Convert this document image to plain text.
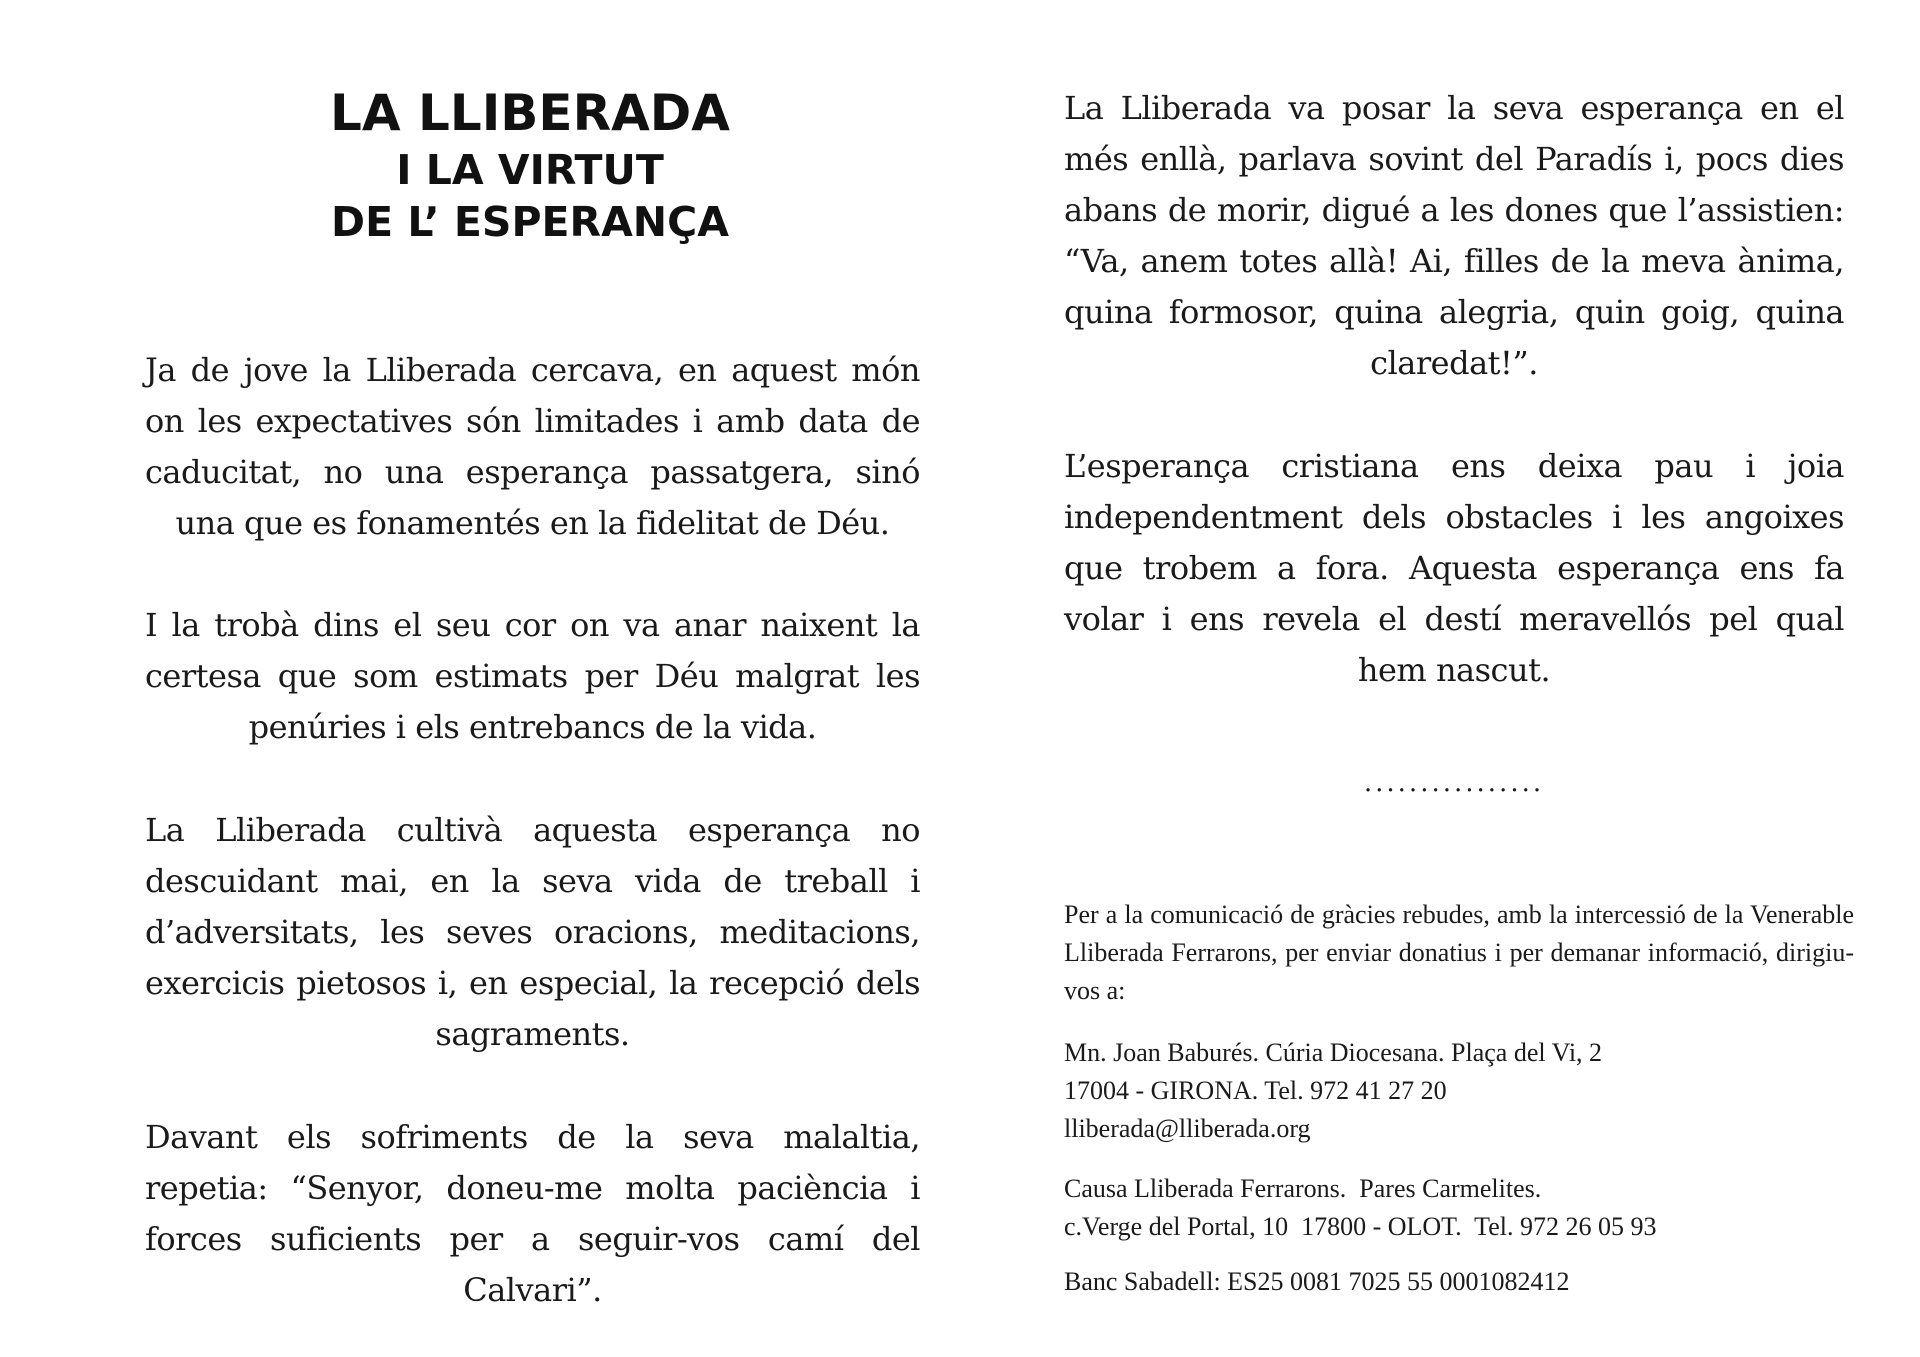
LA LLIBERADA
I LA VIRTUT
DE L’ ESPERANÇA

Ja de jove la Lliberada cercava, en aquest món on les expectatives són limitades i amb data de caducitat, no una esperança passatgera, sinó una que es fonamentés en la fidelitat de Déu.

I la trobà dins el seu cor on va anar naixent la certesa que som estimats per Déu malgrat les penúries i els entrebancs de la vida.

La Lliberada cultivà aquesta esperança no descuidant mai, en la seva vida de treball i d’adversitats, les seves oracions, meditacions, exercicis pietosos i, en especial, la recepció dels sagraments.

Davant els sofriments de la seva malaltia, repetia: “Senyor, doneu-me molta paciència i forces suficients per a seguir-vos camí del Calvari”.

La Lliberada va posar la seva esperança en el més enllà, parlava sovint del Paradís i, pocs dies abans de morir, digué a les dones que l’assistien: “Va, anem totes allà! Ai, filles de la meva ànima, quina formosor, quina alegria, quin goig, quina claredat!”.

L’esperança cristiana ens deixa pau i joia independentment dels obstacles i les angoixes que trobem a fora. Aquesta esperança ens fa volar i ens revela el destí meravellós pel qual hem nascut.

................

Per a la comunicació de gràcies rebudes, amb la intercessió de la Venerable Lliberada Ferrarons, per enviar donatius i per demanar informació, dirigiu-vos a:

Mn. Joan Baburés. Cúria Diocesana. Plaça del Vi, 2

17004 - GIRONA. Tel. 972 41 27 20

lliberada@lliberada.org

Causa Lliberada Ferrarons.  Pares Carmelites.

c.Verge del Portal, 10  17800 - OLOT.  Tel. 972 26 05 93

Banc Sabadell: ES25 0081 7025 55 0001082412
